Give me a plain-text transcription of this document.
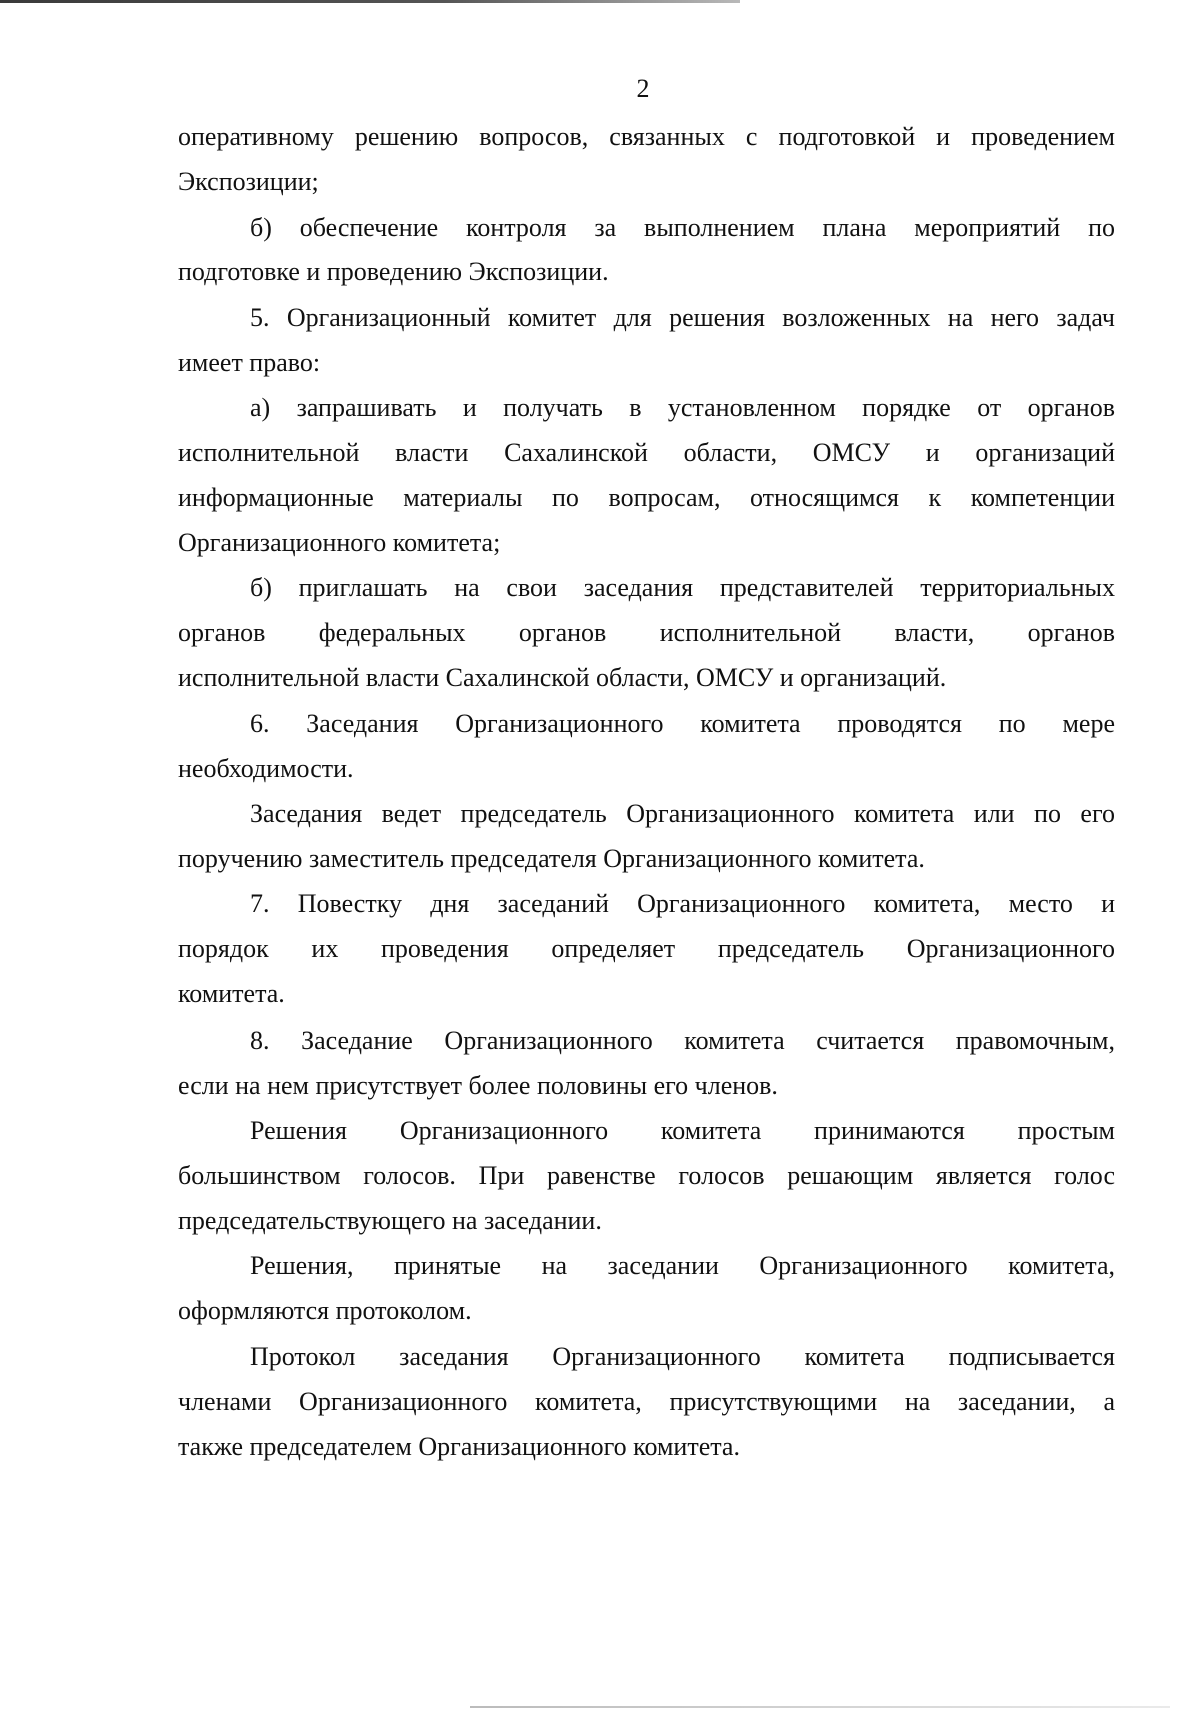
2
оперативному решению вопросов, связанных с подготовкой и проведением
Экспозиции;
б) обеспечение контроля за выполнением плана мероприятий по
подготовке и проведению Экспозиции.
5. Организационный комитет для решения возложенных на него задач
имеет право:
а) запрашивать и получать в установленном порядке от органов
исполнительной власти Сахалинской области, ОМСУ и организаций
информационные материалы по вопросам, относящимся к компетенции
Организационного комитета;
б) приглашать на свои заседания представителей территориальных
органов федеральных органов исполнительной власти, органов
исполнительной власти Сахалинской области, ОМСУ и организаций.
6. Заседания Организационного комитета проводятся по мере
необходимости.
Заседания ведет председатель Организационного комитета или по его
поручению заместитель председателя Организационного комитета.
7. Повестку дня заседаний Организационного комитета, место и
порядок их проведения определяет председатель Организационного
комитета.
8. Заседание Организационного комитета считается правомочным,
если на нем присутствует более половины его членов.
Решения Организационного комитета принимаются простым
большинством голосов. При равенстве голосов решающим является голос
председательствующего на заседании.
Решения, принятые на заседании Организационного комитета,
оформляются протоколом.
Протокол заседания Организационного комитета подписывается
членами Организационного комитета, присутствующими на заседании, а
также председателем Организационного комитета.
